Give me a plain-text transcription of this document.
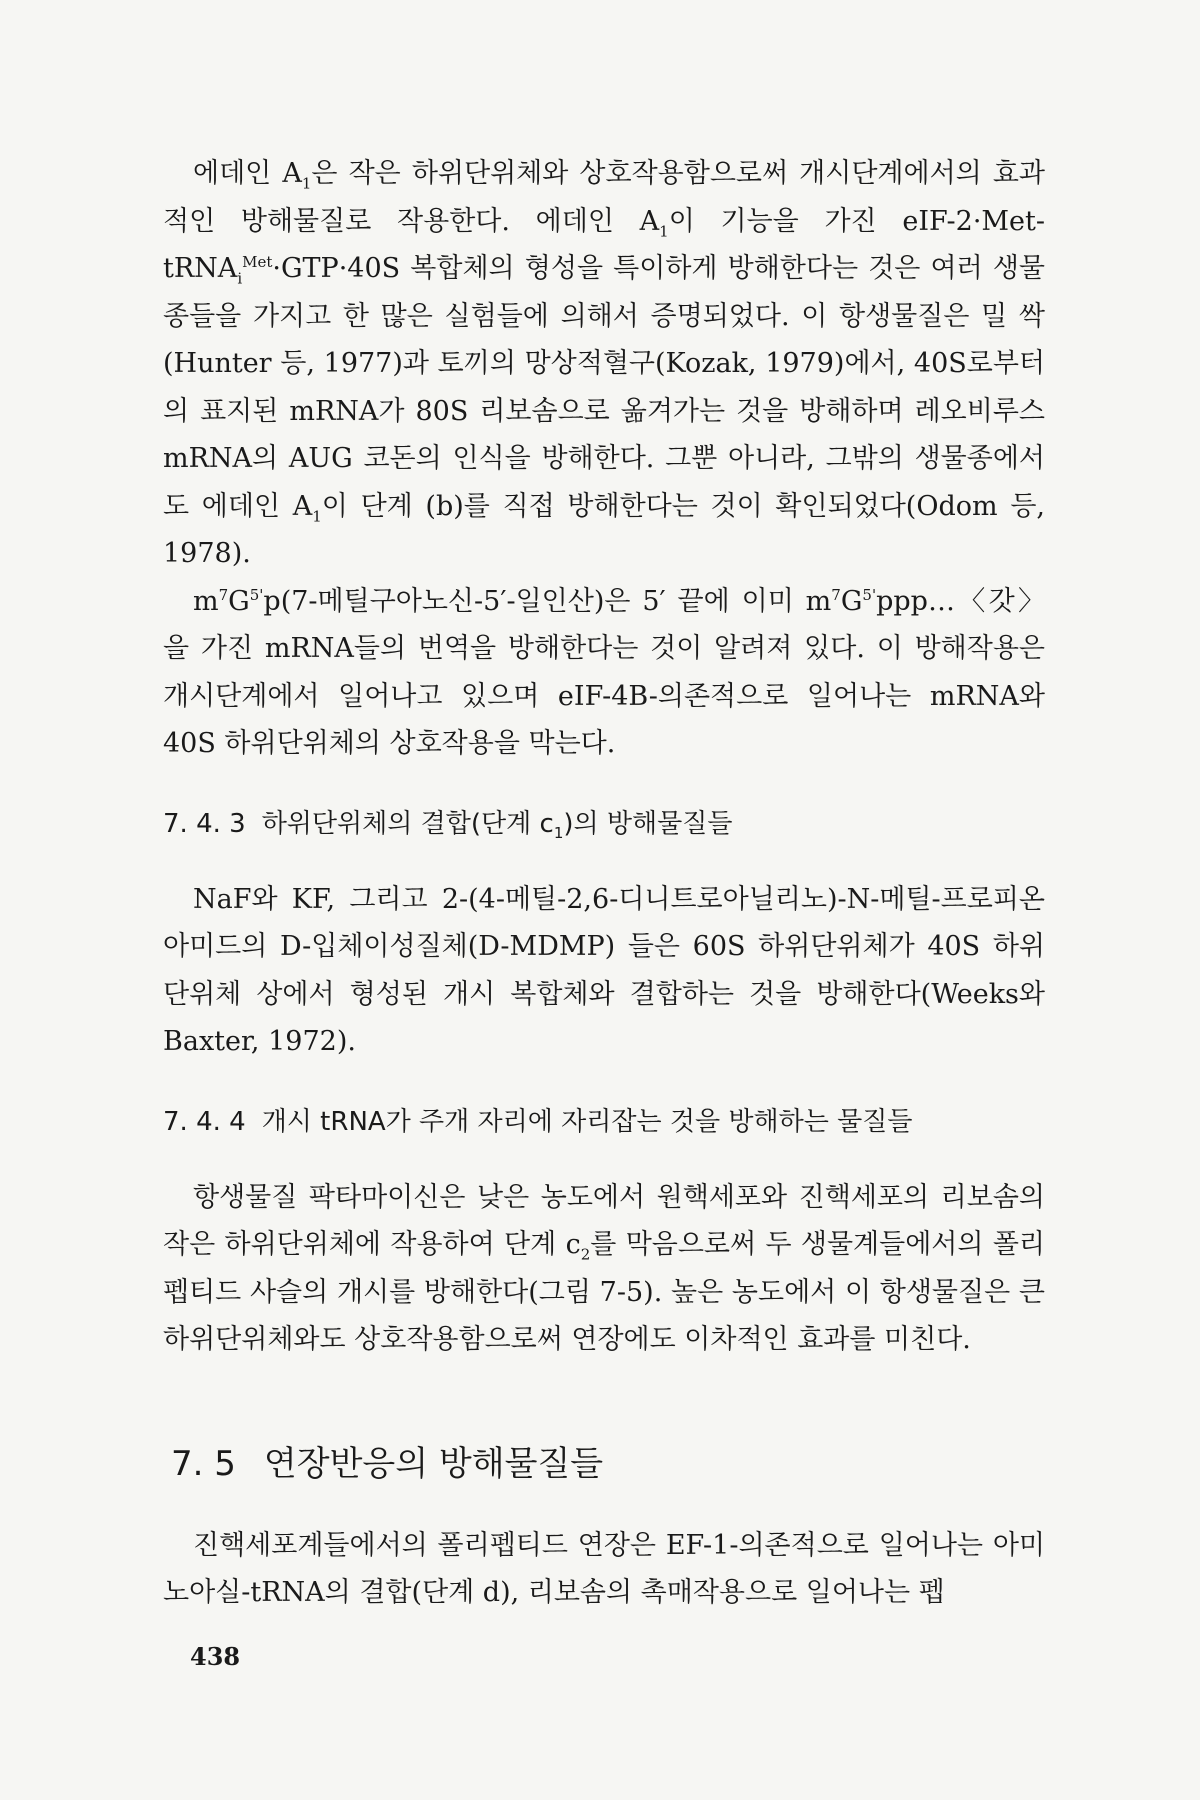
에데인 $A_1$은 작은 하위단위체와 상호작용함으로써 개시단계에서의 효과적인 방해물질로 작용한다. 에데인 $A_1$이 기능을 가진 eIF-2·Met-tRNA$_i^{Met}$·GTP·40S 복합체의 형성을 특이하게 방해한다는 것은 여러 생물종들을 가지고 한 많은 실험들에 의해서 증명되었다. 이 항생물질은 밀 싹(Hunter 등, 1977)과 토끼의 망상적혈구(Kozak, 1979)에서, 40S로부터의 표지된 mRNA가 80S 리보솜으로 옮겨가는 것을 방해하며 레오비루스 mRNA의 AUG 코돈의 인식을 방해한다. 그뿐 아니라, 그밖의 생물종에서도 에데인 $A_1$이 단계 (b)를 직접 방해한다는 것이 확인되었다(Odom 등, 1978).

$m^7G^{5'}p(7-$메틸구아노신-5′-일인산)은 5′ 끝에 이미 $m^7G^{5'}ppp\dots$〈갓〉을 가진 mRNA들의 번역을 방해한다는 것이 알려져 있다. 이 방해작용은 개시단계에서 일어나고 있으며 eIF-4B-의존적으로 일어나는 mRNA와 40S 하위단위체의 상호작용을 막는다.

7. 4. 3 하위단위체의 결합(단계 $c_1$)의 방해물질들

NaF와 KF, 그리고 2-(4-메틸-2,6-디니트로아닐리노)-N-메틸-프로피온아미드의 D-입체이성질체(D-MDMP) 들은 60S 하위단위체가 40S 하위단위체 상에서 형성된 개시 복합체와 결합하는 것을 방해한다(Weeks와 Baxter, 1972).

7. 4. 4 개시 tRNA가 주개 자리에 자리잡는 것을 방해하는 물질들

항생물질 팍타마이신은 낮은 농도에서 원핵세포와 진핵세포의 리보솜의 작은 하위단위체에 작용하여 단계 $c_2$를 막음으로써 두 생물계들에서의 폴리펩티드 사슬의 개시를 방해한다(그림 7-5). 높은 농도에서 이 항생물질은 큰 하위단위체와도 상호작용함으로써 연장에도 이차적인 효과를 미친다.

7. 5 연장반응의 방해물질들

진핵세포계들에서의 폴리펩티드 연장은 EF-1-의존적으로 일어나는 아미노아실-tRNA의 결합(단계 d), 리보솜의 촉매작용으로 일어나는 펩

438
